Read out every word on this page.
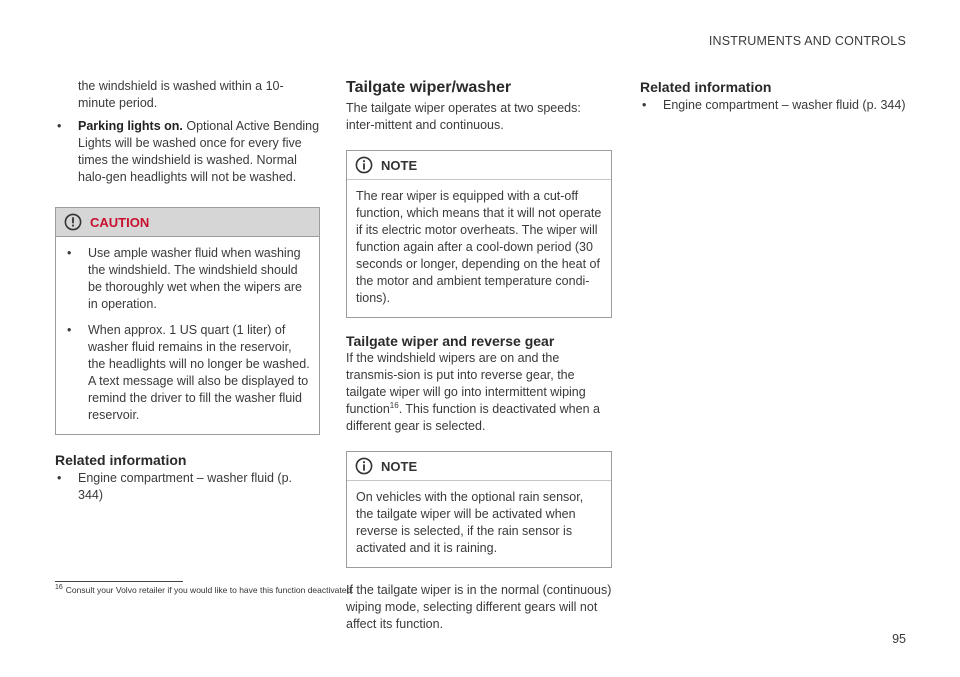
INSTRUMENTS AND CONTROLS

the windshield is washed within a 10-minute period.

• Parking lights on. Optional Active Bending Lights will be washed once for every five times the windshield is washed. Normal halo-gen headlights will not be washed.
CAUTION
• Use ample washer fluid when washing the windshield. The windshield should be thoroughly wet when the wipers are in operation.
• When approx. 1 US quart (1 liter) of washer fluid remains in the reservoir, the headlights will no longer be washed. A text message will also be displayed to remind the driver to fill the washer fluid reservoir.
Related information
• Engine compartment – washer fluid (p. 344)
Tailgate wiper/washer

The tailgate wiper operates at two speeds: inter-mittent and continuous.

NOTE

The rear wiper is equipped with a cut-off function, which means that it will not operate if its electric motor overheats. The wiper will function again after a cool-down period (30 seconds or longer, depending on the heat of the motor and ambient temperature condi-tions).

Tailgate wiper and reverse gear

If the windshield wipers are on and the transmis-sion is put into reverse gear, the tailgate wiper will go into intermittent wiping function$^{16}$. This function is deactivated when a different gear is selected.

NOTE

On vehicles with the optional rain sensor, the tailgate wiper will be activated when reverse is selected, if the rain sensor is activated and it is raining.

If the tailgate wiper is in the normal (continuous) wiping mode, selecting different gears will not affect its function.

Related information
• Engine compartment – washer fluid (p. 344)
$^{16}$ Consult your Volvo retailer if you would like to have this function deactivated.
95
